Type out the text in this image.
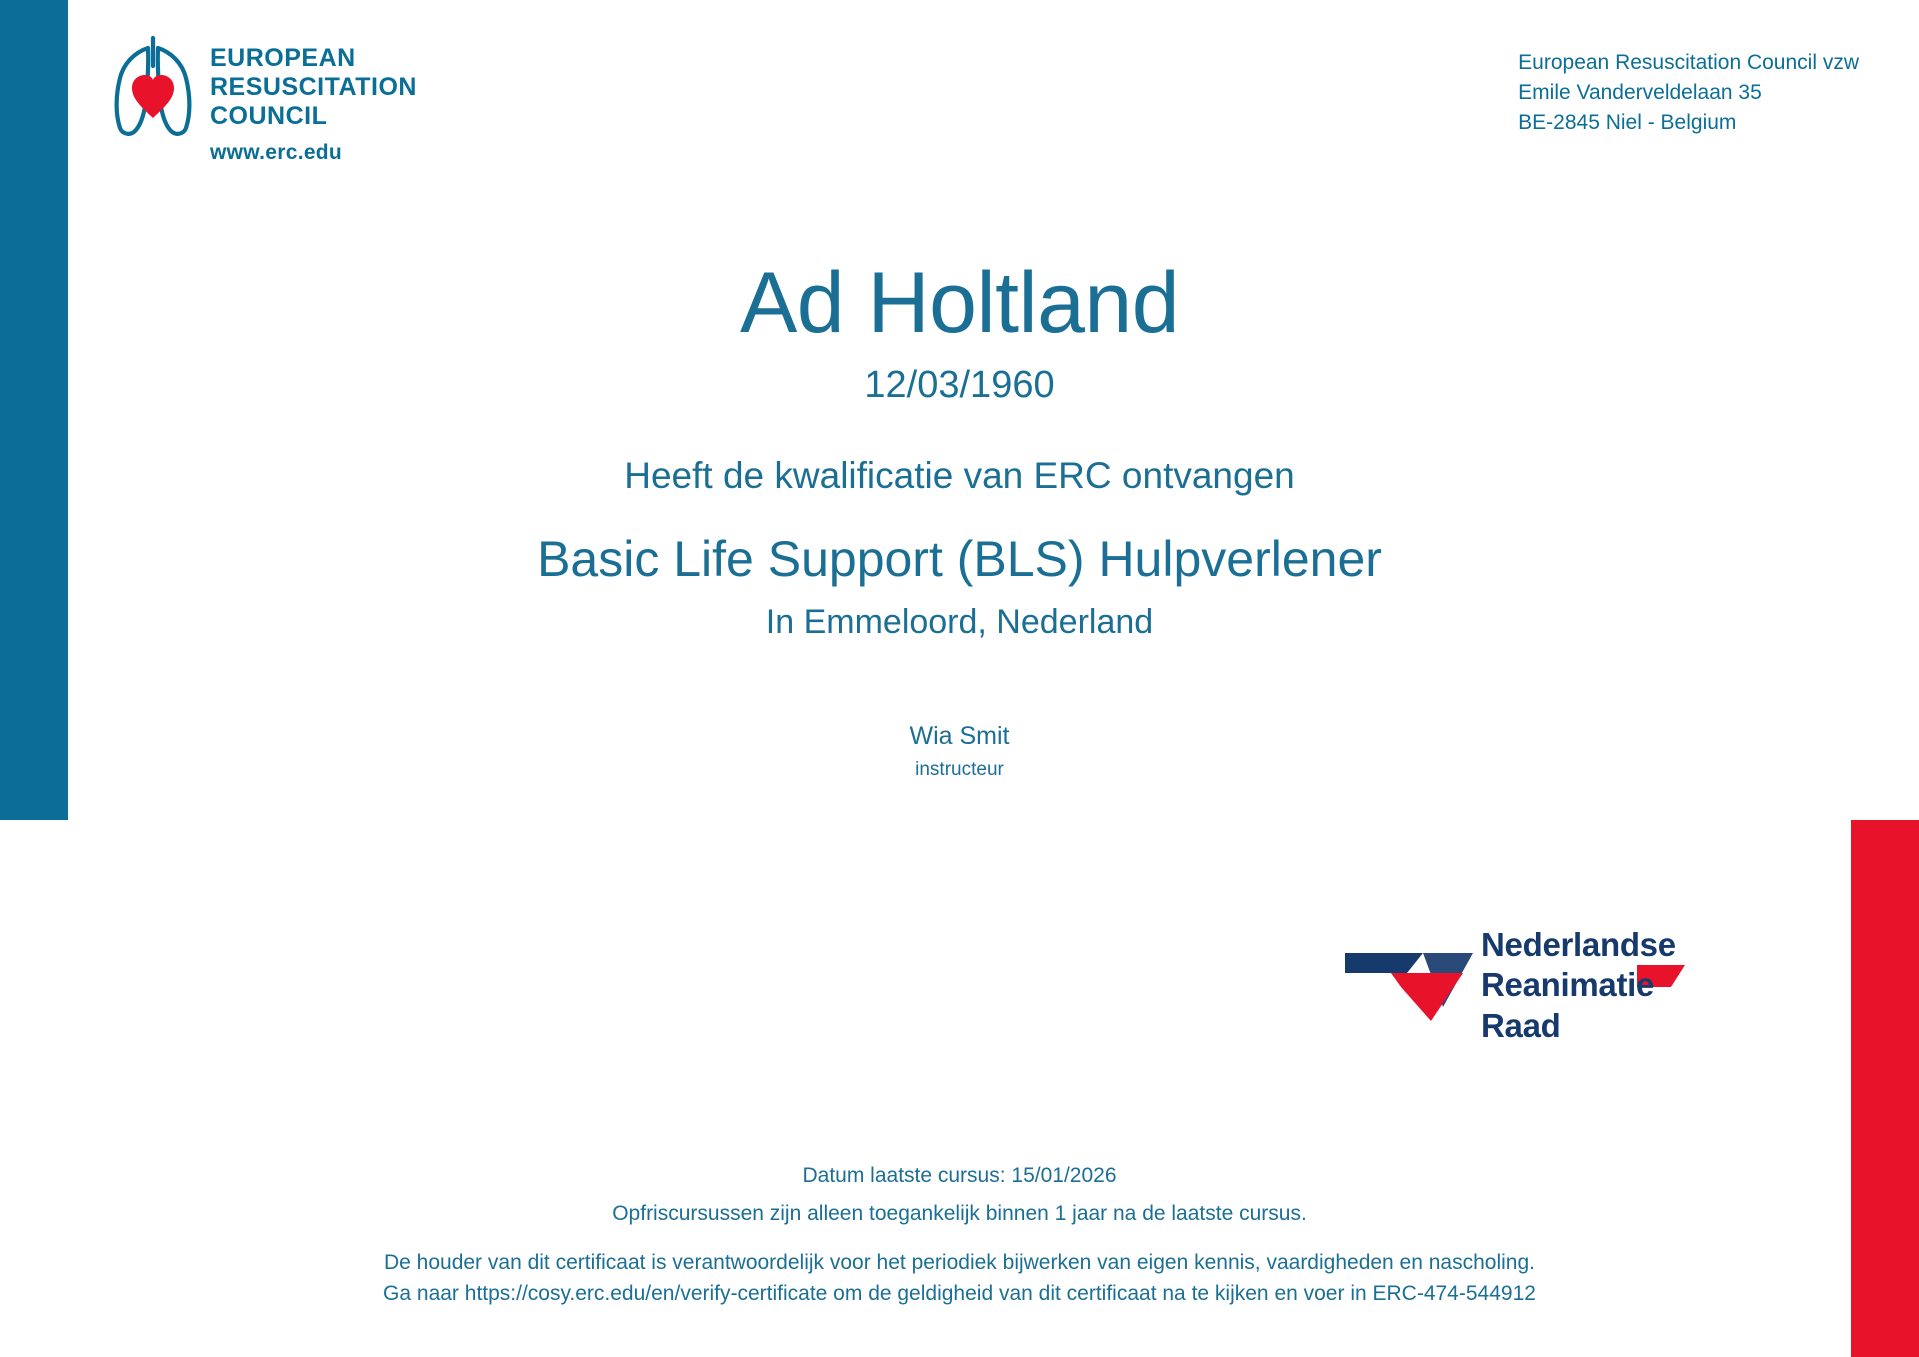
EUROPEAN
RESUSCITATION
COUNCIL
www.erc.edu
European Resuscitation Council vzw
Emile Vanderveldelaan 35
BE-2845 Niel - Belgium
Ad Holtland
12/03/1960
Heeft de kwalificatie van ERC ontvangen
Basic Life Support (BLS) Hulpverlener
In Emmeloord, Nederland
Wia Smit
instructeur
Nederlandse
Reanimatie
Raad
Datum laatste cursus: 15/01/2026
Opfriscursussen zijn alleen toegankelijk binnen 1 jaar na de laatste cursus.
De houder van dit certificaat is verantwoordelijk voor het periodiek bijwerken van eigen kennis, vaardigheden en nascholing.
Ga naar https://cosy.erc.edu/en/verify-certificate om de geldigheid van dit certificaat na te kijken en voer in ERC-474-544912
